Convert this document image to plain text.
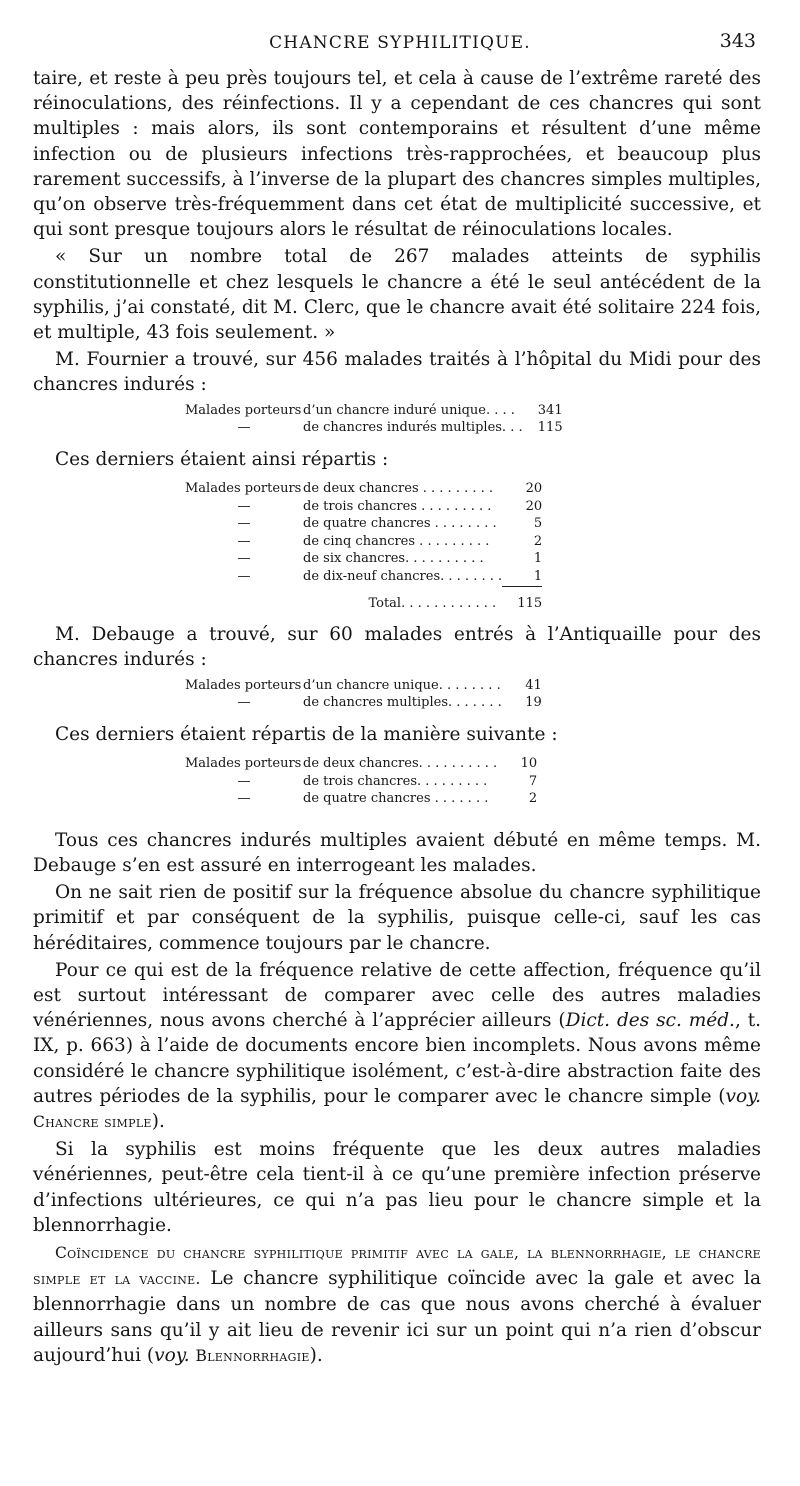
CHANCRE SYPHILITIQUE.	343

taire, et reste à peu près toujours tel, et cela à cause de l’extrême rareté des réinoculations, des réinfections. Il y a cependant de ces chancres qui sont multiples : mais alors, ils sont contemporains et résultent d’une même infection ou de plusieurs infections très-rapprochées, et beaucoup plus rarement successifs, à l’inverse de la plupart des chancres simples multiples, qu’on observe très-fréquemment dans cet état de multiplicité successive, et qui sont presque toujours alors le résultat de réinoculations locales.

« Sur un nombre total de 267 malades atteints de syphilis constitutionnelle et chez lesquels le chancre a été le seul antécédent de la syphilis, j’ai constaté, dit M. Clerc, que le chancre avait été solitaire 224 fois, et multiple, 43 fois seulement. »

M. Fournier a trouvé, sur 456 malades traités à l’hôpital du Midi pour des chancres indurés :

Malades porteurs	d’un chancre induré unique. . . .	341
—	de chancres indurés multiples. . .	115
Ces derniers étaient ainsi répartis :
Malades porteurs	de deux chancres . . . . . . . . .	20
—	de trois chancres . . . . . . . . .	20
—	de quatre chancres . . . . . . . .	5
—	de cinq chancres . . . . . . . . .	2
—	de six chancres. . . . . . . . . .	1
—	de dix-neuf chancres. . . . . . . .	1
	Total. . . . . . . . . . . .	115

M. Debauge a trouvé, sur 60 malades entrés à l’Antiquaille pour des chancres indurés :

Malades porteurs	d’un chancre unique. . . . . . . .	41
—	de chancres multiples. . . . . . .	19
Ces derniers étaient répartis de la manière suivante :
Malades porteurs	de deux chancres. . . . . . . . . .	10
—	de trois chancres. . . . . . . . .	7
—	de quatre chancres . . . . . . .	2

Tous ces chancres indurés multiples avaient débuté en même temps. M. Debauge s’en est assuré en interrogeant les malades.

On ne sait rien de positif sur la fréquence absolue du chancre syphilitique primitif et par conséquent de la syphilis, puisque celle-ci, sauf les cas héréditaires, commence toujours par le chancre.

Pour ce qui est de la fréquence relative de cette affection, fréquence qu’il est surtout intéressant de comparer avec celle des autres maladies vénériennes, nous avons cherché à l’apprécier ailleurs (Dict. des sc. méd., t. IX, p. 663) à l’aide de documents encore bien incomplets. Nous avons même considéré le chancre syphilitique isolément, c’est-à-dire abstraction faite des autres périodes de la syphilis, pour le comparer avec le chancre simple (voy. Chancre simple).

Si la syphilis est moins fréquente que les deux autres maladies vénériennes, peut-être cela tient-il à ce qu’une première infection préserve d’infections ultérieures, ce qui n’a pas lieu pour le chancre simple et la blennorrhagie.

Coïncidence du chancre syphilitique primitif avec la gale, la blennorrhagie, le chancre simple et la vaccine. Le chancre syphilitique coïncide avec la gale et avec la blennorrhagie dans un nombre de cas que nous avons cherché à évaluer ailleurs sans qu’il y ait lieu de revenir ici sur un point qui n’a rien d’obscur aujourd’hui (voy. Blennorrhagie).
